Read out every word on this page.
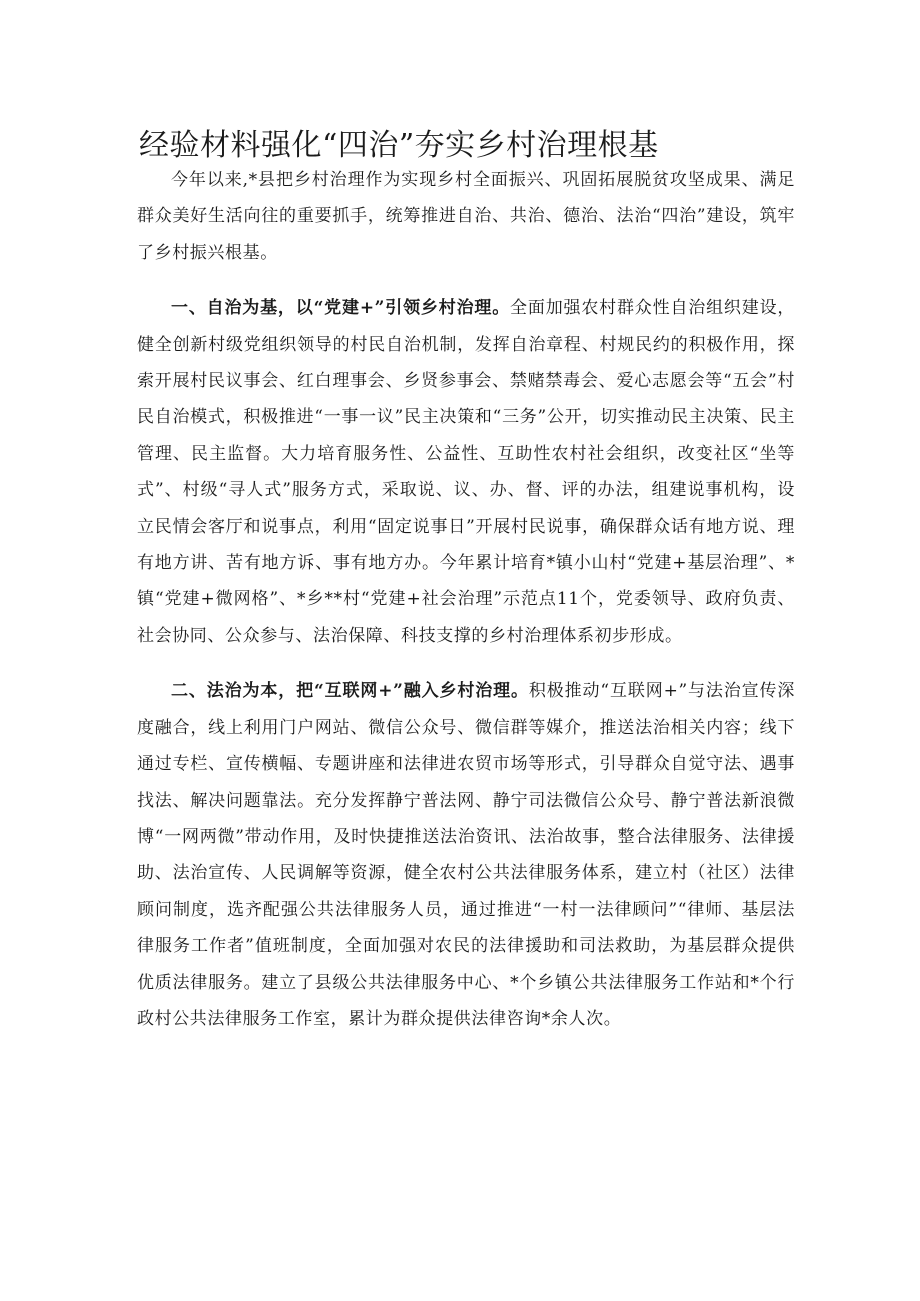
经验材料强化“四治”夯实乡村治理根基

今年以来,*县把乡村治理作为实现乡村全面振兴、巩固拓展脱贫攻坚成果、满足群众美好生活向往的重要抓手，统筹推进自治、共治、德治、法治“四治”建设，筑牢了乡村振兴根基。

一、自治为基，以“党建+”引领乡村治理。全面加强农村群众性自治组织建设，健全创新村级党组织领导的村民自治机制，发挥自治章程、村规民约的积极作用，探索开展村民议事会、红白理事会、乡贤参事会、禁赌禁毒会、爱心志愿会等“五会”村民自治模式，积极推进“一事一议”民主决策和“三务”公开，切实推动民主决策、民主管理、民主监督。大力培育服务性、公益性、互助性农村社会组织，改变社区“坐等式”、村级“寻人式”服务方式，采取说、议、办、督、评的办法，组建说事机构，设立民情会客厅和说事点，利用“固定说事日”开展村民说事，确保群众话有地方说、理有地方讲、苦有地方诉、事有地方办。今年累计培育*镇小山村“党建+基层治理”、*镇“党建+微网格”、*乡**村“党建+社会治理”示范点11个，党委领导、政府负责、社会协同、公众参与、法治保障、科技支撑的乡村治理体系初步形成。

二、法治为本，把“互联网+”融入乡村治理。积极推动“互联网+”与法治宣传深度融合，线上利用门户网站、微信公众号、微信群等媒介，推送法治相关内容；线下通过专栏、宣传横幅、专题讲座和法律进农贸市场等形式，引导群众自觉守法、遇事找法、解决问题靠法。充分发挥静宁普法网、静宁司法微信公众号、静宁普法新浪微博“一网两微”带动作用，及时快捷推送法治资讯、法治故事，整合法律服务、法律援助、法治宣传、人民调解等资源，健全农村公共法律服务体系，建立村（社区）法律顾问制度，选齐配强公共法律服务人员，通过推进“一村一法律顾问”“律师、基层法律服务工作者”值班制度，全面加强对农民的法律援助和司法救助，为基层群众提供优质法律服务。建立了县级公共法律服务中心、*个乡镇公共法律服务工作站和*个行政村公共法律服务工作室，累计为群众提供法律咨询*余人次。
